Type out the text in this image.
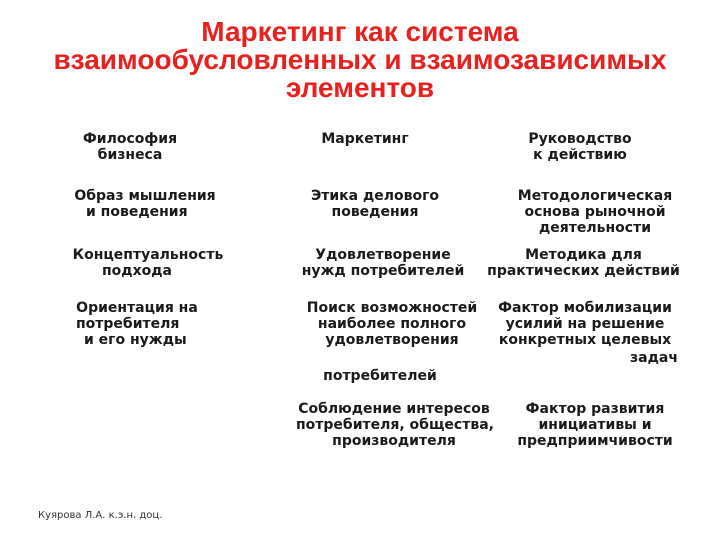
Маркетинг как система
взаимообусловленных и взаимозависимых
элементов
Философия
бизнеса
Маркетинг	Руководство
к действию
Образ мышления
и поведения
Этика делового
поведения
Методологическая
основа рыночной
деятельности
Концептуальность
подхода
Удовлетворение
нужд потребителей
Методика для
практических действий
Ориентация на
потребителя
и его нужды
Поиск возможностей
наиболее полного
удовлетворения
потребителей
Фактор мобилизации
усилий на решение
конкретных целевых
задач
Соблюдение интересов
потребителя, общества,
производителя
Фактор развития
инициативы и
предприимчивости
Куярова Л.А. к.э.н. доц.
